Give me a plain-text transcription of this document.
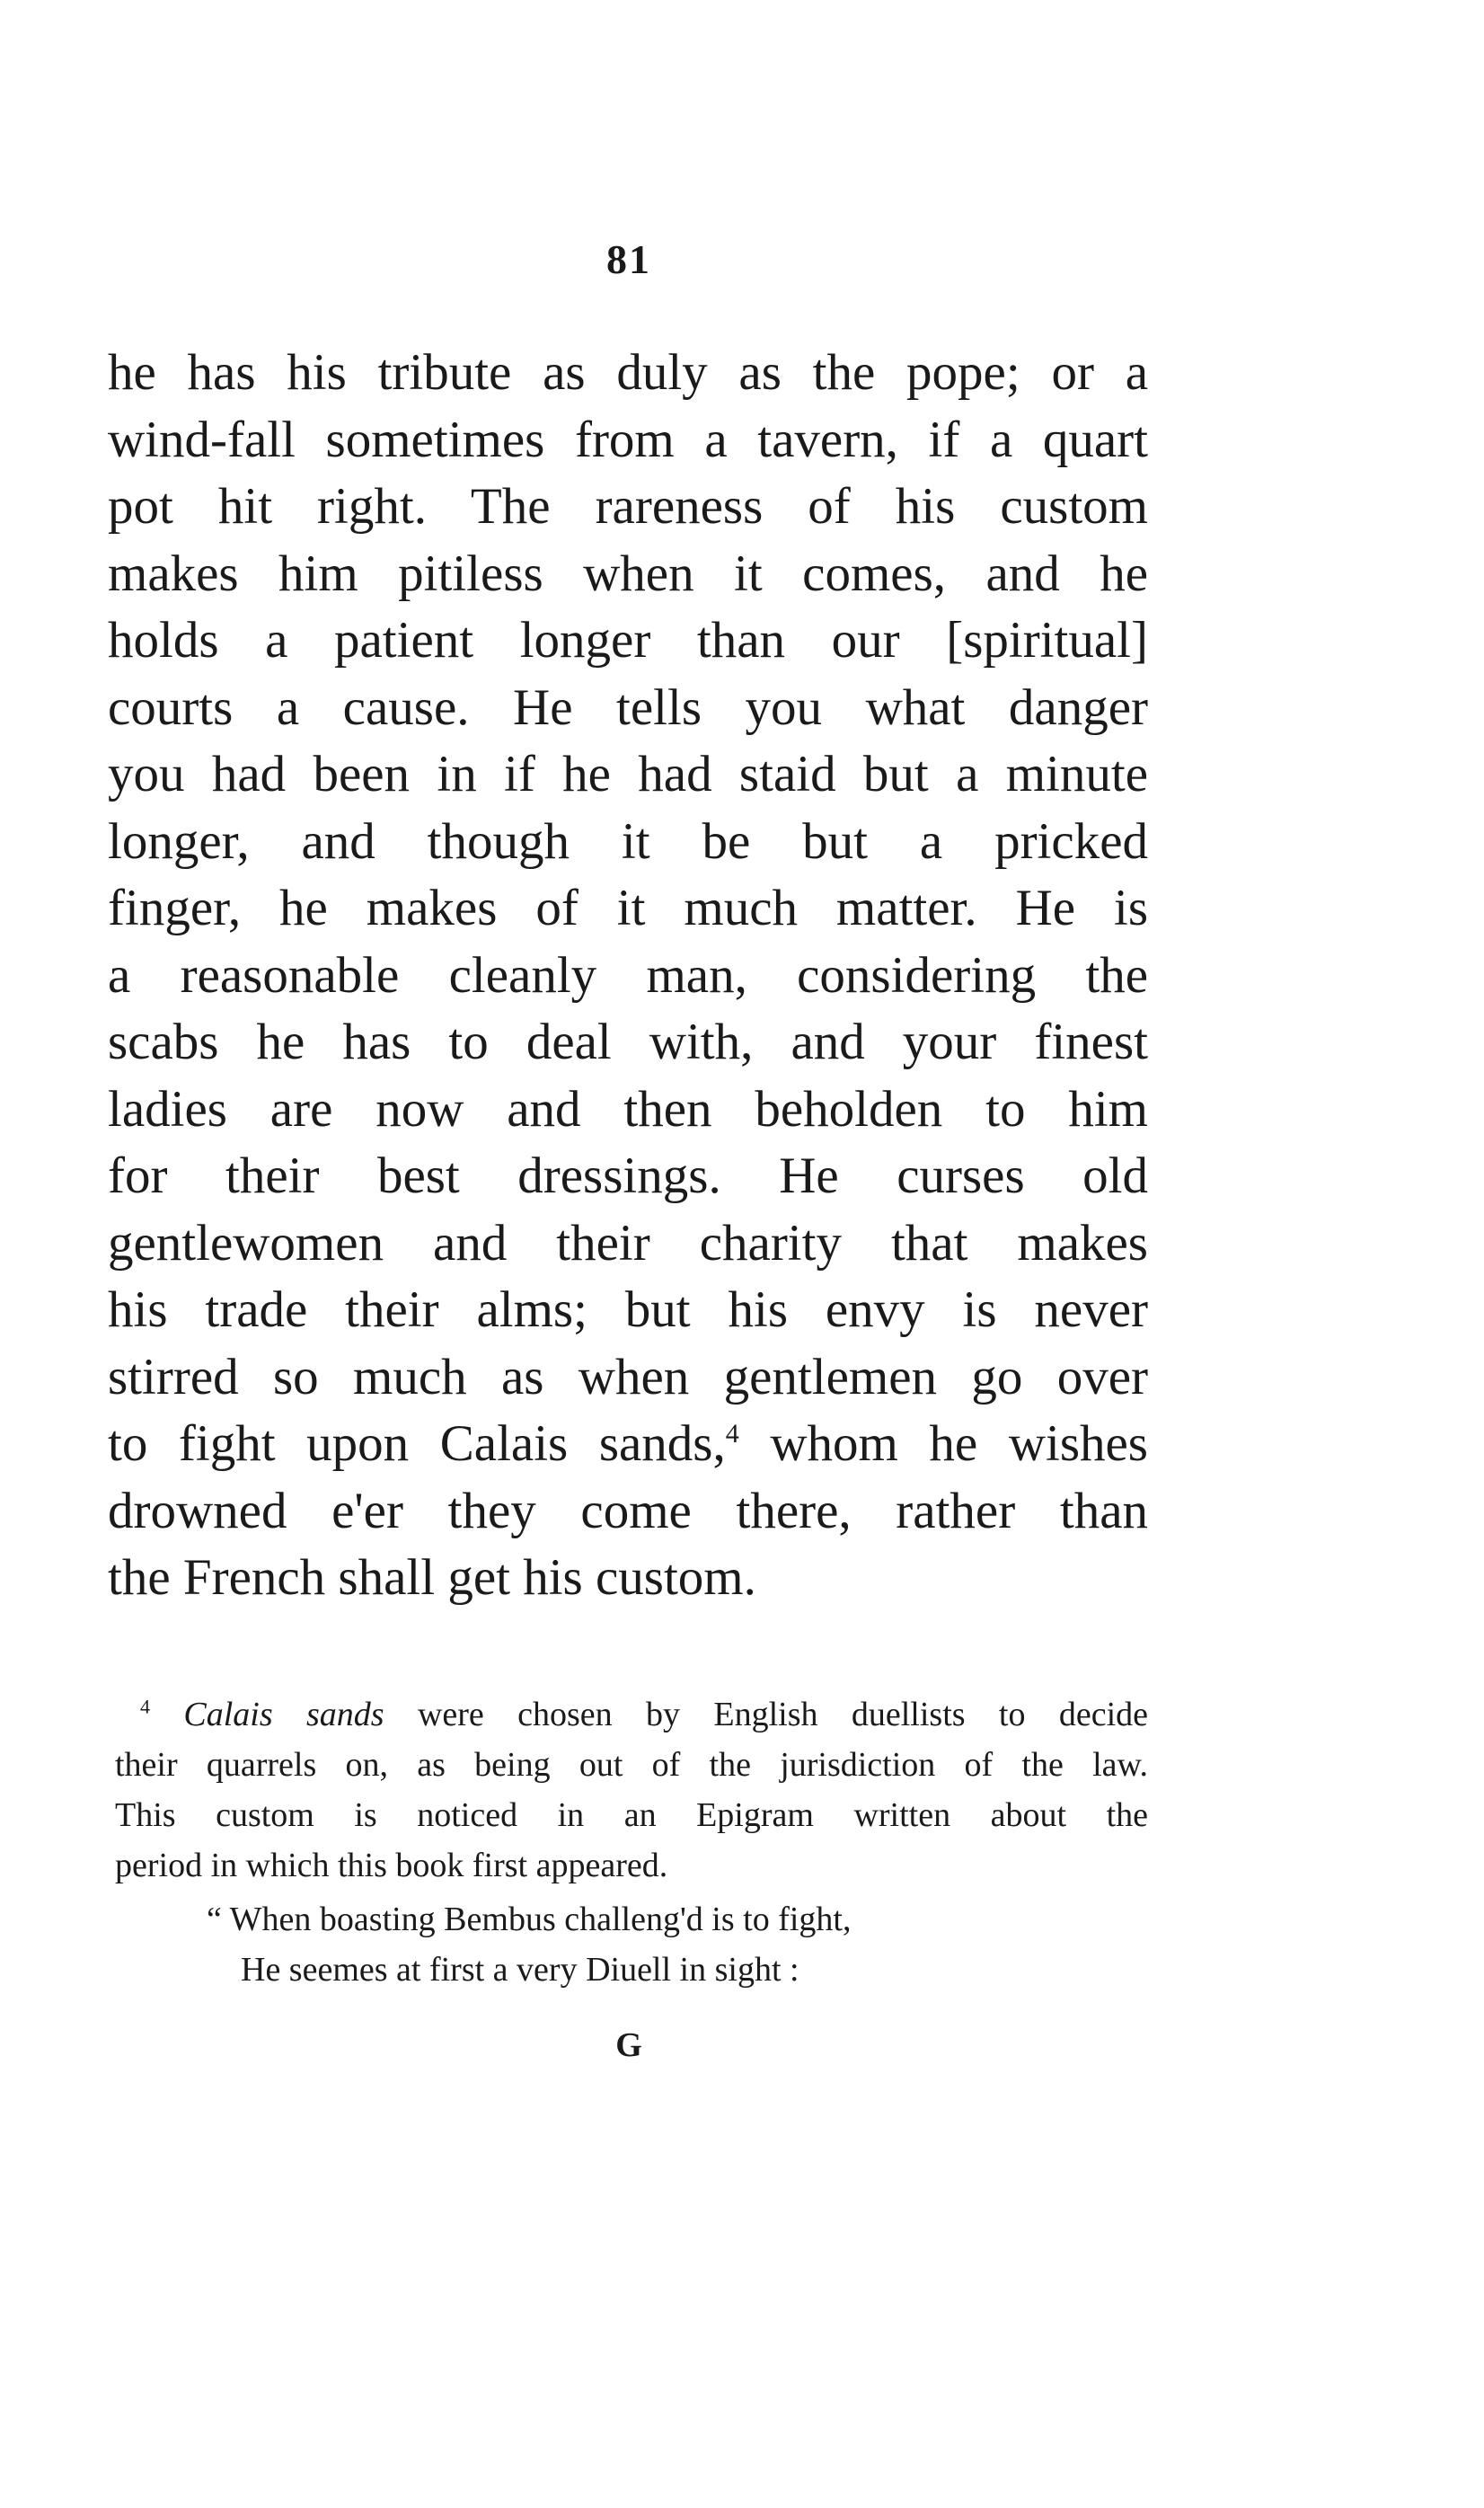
81
he has his tribute as duly as the pope; or a
wind-fall sometimes from a tavern, if a quart
pot hit right. The rareness of his custom
makes him pitiless when it comes, and he
holds a patient longer than our [spiritual]
courts a cause. He tells you what danger
you had been in if he had staid but a minute
longer, and though it be but a pricked
finger, he makes of it much matter. He is
a reasonable cleanly man, considering the
scabs he has to deal with, and your finest
ladies are now and then beholden to him
for their best dressings. He curses old
gentlewomen and their charity that makes
his trade their alms; but his envy is never
stirred so much as when gentlemen go over
to fight upon Calais sands,$^4$ whom he wishes
drowned e'er they come there, rather than
the French shall get his custom.
$^4$ Calais sands were chosen by English duellists to decide
their quarrels on, as being out of the jurisdiction of the law.
This custom is noticed in an Epigram written about the
period in which this book first appeared.
“ When boasting Bembus challeng'd is to fight,
He seemes at first a very Diuell in sight :
G
